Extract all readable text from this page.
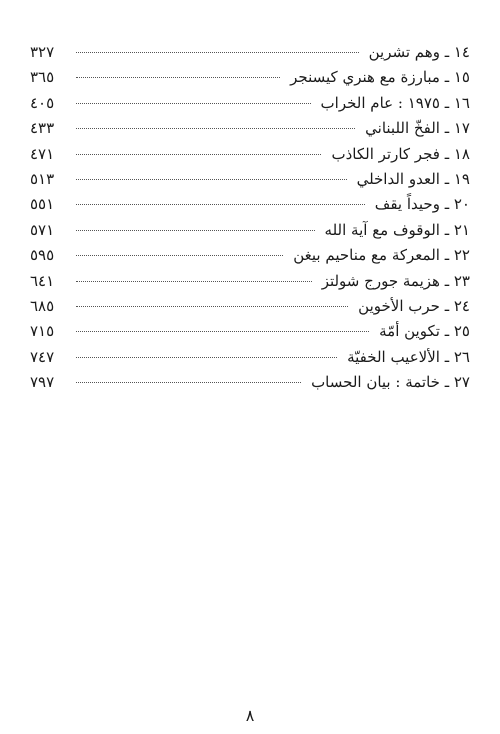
١٤ ـ وهم تشرين
٣٢٧
١٥ ـ مبارزة مع هنري كيسنجر
٣٦٥
١٦ ـ ١٩٧٥ : عام الخراب
٤٠٥
١٧ ـ الفخّ اللبناني
٤٣٣
١٨ ـ فجر كارتر الكاذب
٤٧١
١٩ ـ العدو الداخلي
٥١٣
٢٠ ـ وحيداً يقف
٥٥١
٢١ ـ الوقوف مع آية الله
٥٧١
٢٢ ـ المعركة مع مناحيم بيغن
٥٩٥
٢٣ ـ هزيمة جورج شولتز
٦٤١
٢٤ ـ حرب الأخوين
٦٨٥
٢٥ ـ تكوين أمّة
٧١٥
٢٦ ـ الألاعيب الخفيّة
٧٤٧
٢٧ ـ خاتمة : بيان الحساب
٧٩٧
٨
